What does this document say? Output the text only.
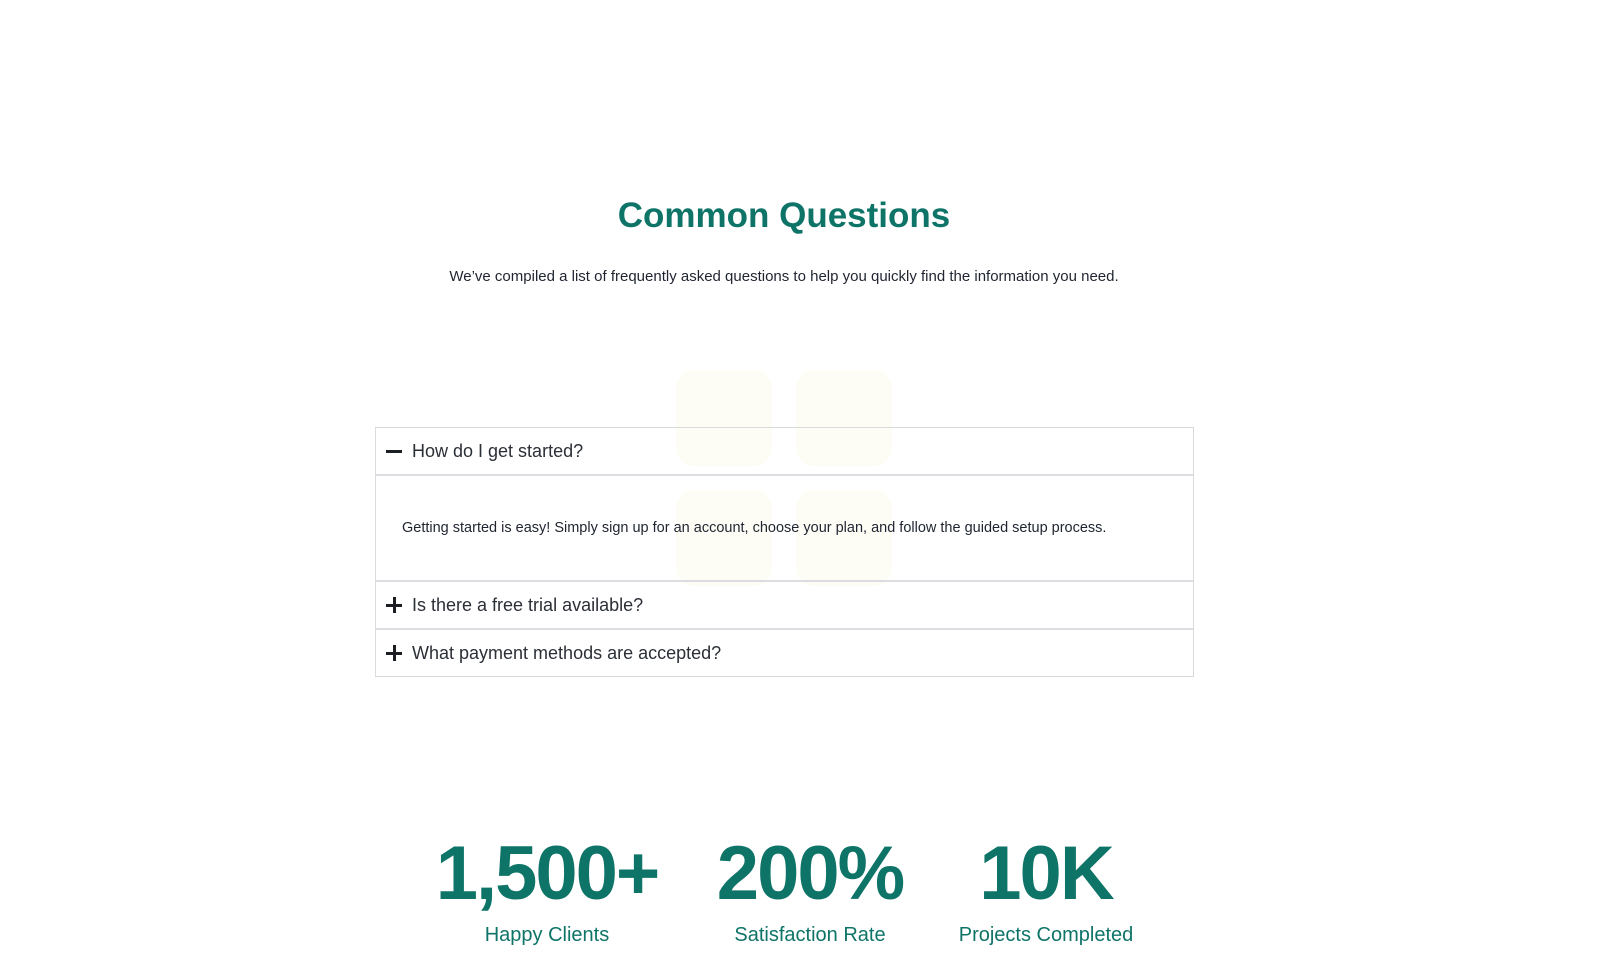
Common Questions

We’ve compiled a list of frequently asked questions to help you quickly find the information you need.

How do I get started?
Getting started is easy! Simply sign up for an account, choose your plan, and follow the guided setup process.
Is there a free trial available?
What payment methods are accepted?
1,500+
Happy Clients
200%
Satisfaction Rate
10K
Projects Completed
